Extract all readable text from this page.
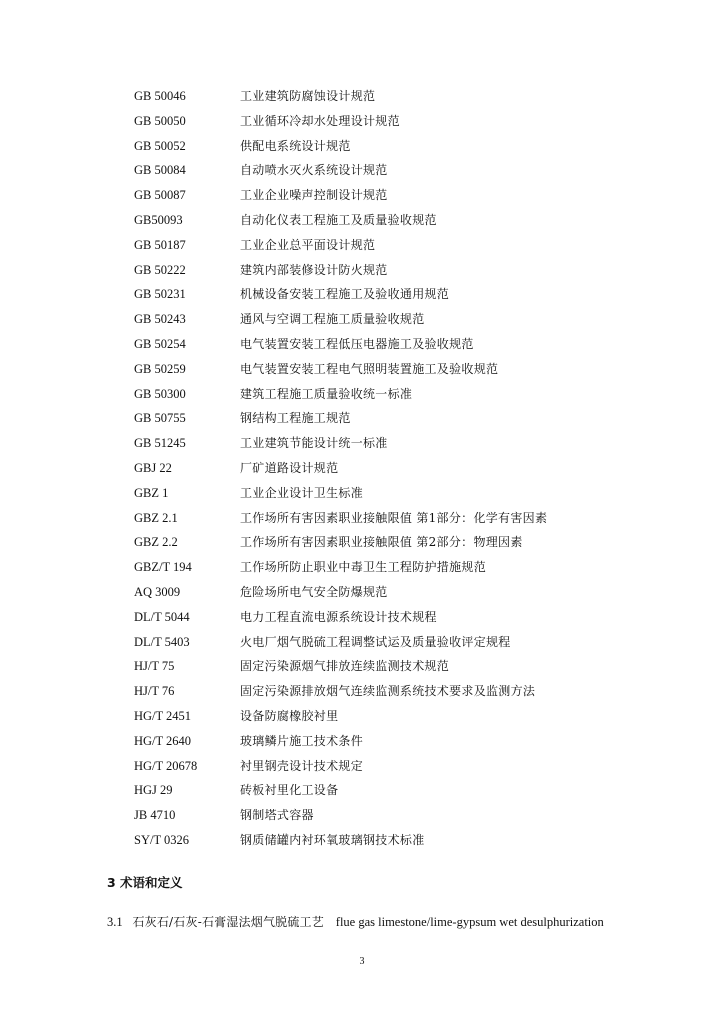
GB 50046	工业建筑防腐蚀设计规范
GB 50050	工业循环冷却水处理设计规范
GB 50052	供配电系统设计规范
GB 50084	自动喷水灭火系统设计规范
GB 50087	工业企业噪声控制设计规范
GB50093	自动化仪表工程施工及质量验收规范
GB 50187	工业企业总平面设计规范
GB 50222	建筑内部装修设计防火规范
GB 50231	机械设备安装工程施工及验收通用规范
GB 50243	通风与空调工程施工质量验收规范
GB 50254	电气装置安装工程低压电器施工及验收规范
GB 50259	电气装置安装工程电气照明装置施工及验收规范
GB 50300	建筑工程施工质量验收统一标准
GB 50755	钢结构工程施工规范
GB 51245	工业建筑节能设计统一标准
GBJ 22	厂矿道路设计规范
GBZ 1	工业企业设计卫生标准
GBZ 2.1	工作场所有害因素职业接触限值 第1部分：化学有害因素
GBZ 2.2	工作场所有害因素职业接触限值 第2部分：物理因素
GBZ/T 194	工作场所防止职业中毒卫生工程防护措施规范
AQ 3009	危险场所电气安全防爆规范
DL/T 5044	电力工程直流电源系统设计技术规程
DL/T 5403	火电厂烟气脱硫工程调整试运及质量验收评定规程
HJ/T 75	固定污染源烟气排放连续监测技术规范
HJ/T 76	固定污染源排放烟气连续监测系统技术要求及监测方法
HG/T 2451	设备防腐橡胶衬里
HG/T 2640	玻璃鳞片施工技术条件
HG/T 20678	衬里钢壳设计技术规定
HGJ 29	砖板衬里化工设备
JB 4710	钢制塔式容器
SY/T 0326	钢质储罐内衬环氧玻璃钢技术标准
3 术语和定义
3.1 石灰石/石灰-石膏湿法烟气脱硫工艺 flue gas limestone/lime-gypsum wet desulphurization
3
